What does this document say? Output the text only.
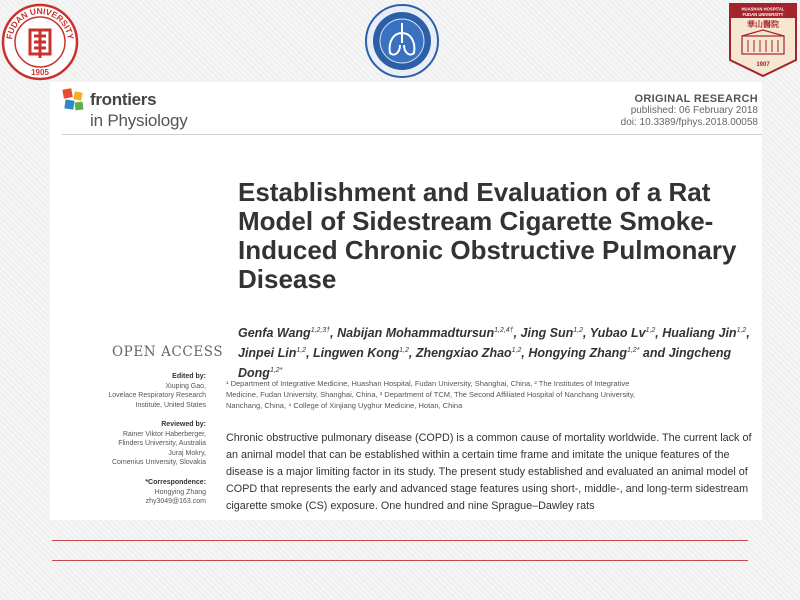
FUDAN UNIVERSITY
1905
HUASHAN HOSPITAL
FUDAN UNIVERSITY
華山醫院
1907
frontiers
in Physiology
ORIGINAL RESEARCH
published: 06 February 2018
doi: 10.3389/fphys.2018.00058
Establishment and Evaluation of a Rat Model of Sidestream Cigarette Smoke-Induced Chronic Obstructive Pulmonary Disease
Genfa Wang$^{1,2,3\dagger}$, Nabijan Mohammadtursun$^{1,2,4\dagger}$, Jing Sun$^{1,2}$, Yubao Lv$^{1,2}$, Hualiang Jin$^{1,2}$, Jinpei Lin$^{1,2}$, Lingwen Kong$^{1,2}$, Zhengxiao Zhao$^{1,2}$, Hongying Zhang$^{1,2*}$ and Jingcheng Dong$^{1,2*}$
OPEN ACCESS
¹ Department of Integrative Medicine, Huashan Hospital, Fudan University, Shanghai, China, ² The Institutes of Integrative Medicine, Fudan University, Shanghai, China, ³ Department of TCM, The Second Affiliated Hospital of Nanchang University, Nanchang, China, ⁴ College of Xinjiang Uyghur Medicine, Hotan, China
Edited by:
Xiuping Gao,
Lovelace Respiratory Research
Institute, United States
Reviewed by:
Rainer Viktor Haberberger,
Flinders University, Australia
Juraj Mokry,
Comenius University, Slovakia
*Correspondence:
Hongying Zhang
zhy3049@163.com
Chronic obstructive pulmonary disease (COPD) is a common cause of mortality worldwide. The current lack of an animal model that can be established within a certain time frame and imitate the unique features of the disease is a major limiting factor in its study. The present study established and evaluated an animal model of COPD that represents the early and advanced stage features using short-, middle-, and long-term sidestream cigarette smoke (CS) exposure. One hundred and nine Sprague–Dawley rats
